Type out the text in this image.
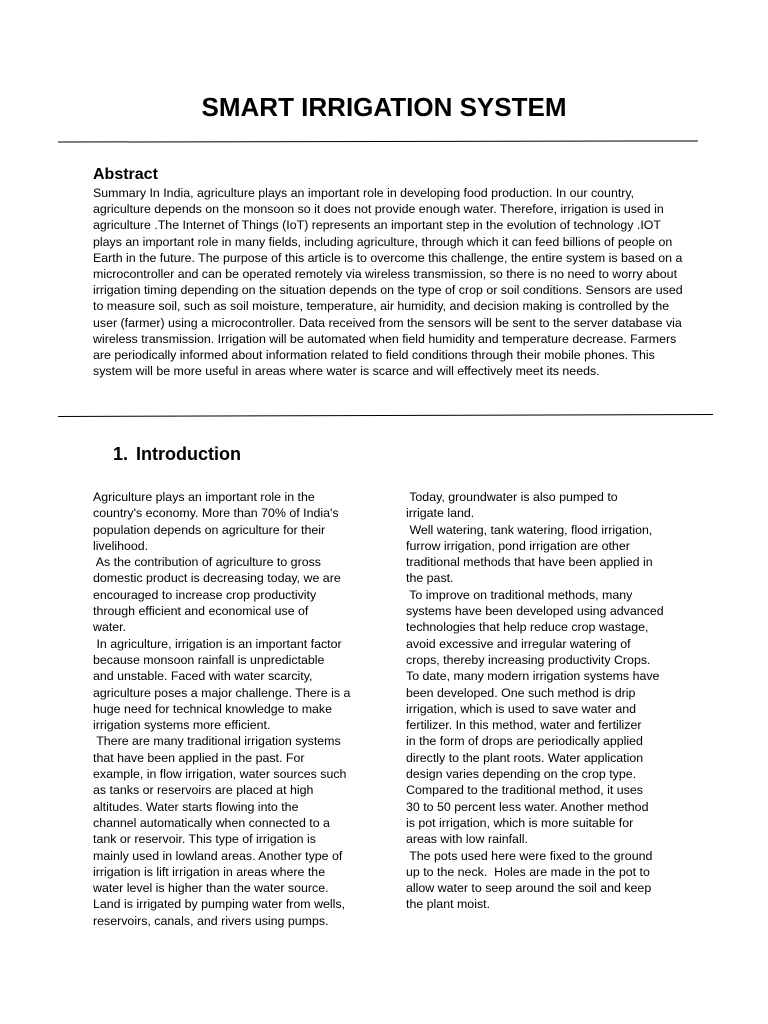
SMART IRRIGATION SYSTEM
Abstract

Summary In India, agriculture plays an important role in developing food production. In our country, agriculture depends on the monsoon so it does not provide enough water. Therefore, irrigation is used in agriculture .The Internet of Things (IoT) represents an important step in the evolution of technology .IOT plays an important role in many fields, including agriculture, through which it can feed billions of people on Earth in the future. The purpose of this article is to overcome this challenge, the entire system is based on a microcontroller and can be operated remotely via wireless transmission, so there is no need to worry about irrigation timing depending on the situation depends on the type of crop or soil conditions. Sensors are used to measure soil, such as soil moisture, temperature, air humidity, and decision making is controlled by the user (farmer) using a microcontroller. Data received from the sensors will be sent to the server database via wireless transmission. Irrigation will be automated when field humidity and temperature decrease. Farmers are periodically informed about information related to field conditions through their mobile phones. This system will be more useful in areas where water is scarce and will effectively meet its needs.

1. Introduction
Agriculture plays an important role in the
country's economy. More than 70% of India's
population depends on agriculture for their
livelihood.
As the contribution of agriculture to gross
domestic product is decreasing today, we are
encouraged to increase crop productivity
through efficient and economical use of
water.
In agriculture, irrigation is an important factor
because monsoon rainfall is unpredictable
and unstable. Faced with water scarcity,
agriculture poses a major challenge. There is a
huge need for technical knowledge to make
irrigation systems more efficient.
There are many traditional irrigation systems
that have been applied in the past. For
example, in flow irrigation, water sources such
as tanks or reservoirs are placed at high
altitudes. Water starts flowing into the
channel automatically when connected to a
tank or reservoir. This type of irrigation is
mainly used in lowland areas. Another type of
irrigation is lift irrigation in areas where the
water level is higher than the water source.
Land is irrigated by pumping water from wells,
reservoirs, canals, and rivers using pumps.
Today, groundwater is also pumped to
irrigate land.
Well watering, tank watering, flood irrigation,
furrow irrigation, pond irrigation are other
traditional methods that have been applied in
the past.
To improve on traditional methods, many
systems have been developed using advanced
technologies that help reduce crop wastage,
avoid excessive and irregular watering of
crops, thereby increasing productivity Crops.
To date, many modern irrigation systems have
been developed. One such method is drip
irrigation, which is used to save water and
fertilizer. In this method, water and fertilizer
in the form of drops are periodically applied
directly to the plant roots. Water application
design varies depending on the crop type.
Compared to the traditional method, it uses
30 to 50 percent less water. Another method
is pot irrigation, which is more suitable for
areas with low rainfall.
The pots used here were fixed to the ground
up to the neck.  Holes are made in the pot to
allow water to seep around the soil and keep
the plant moist.
